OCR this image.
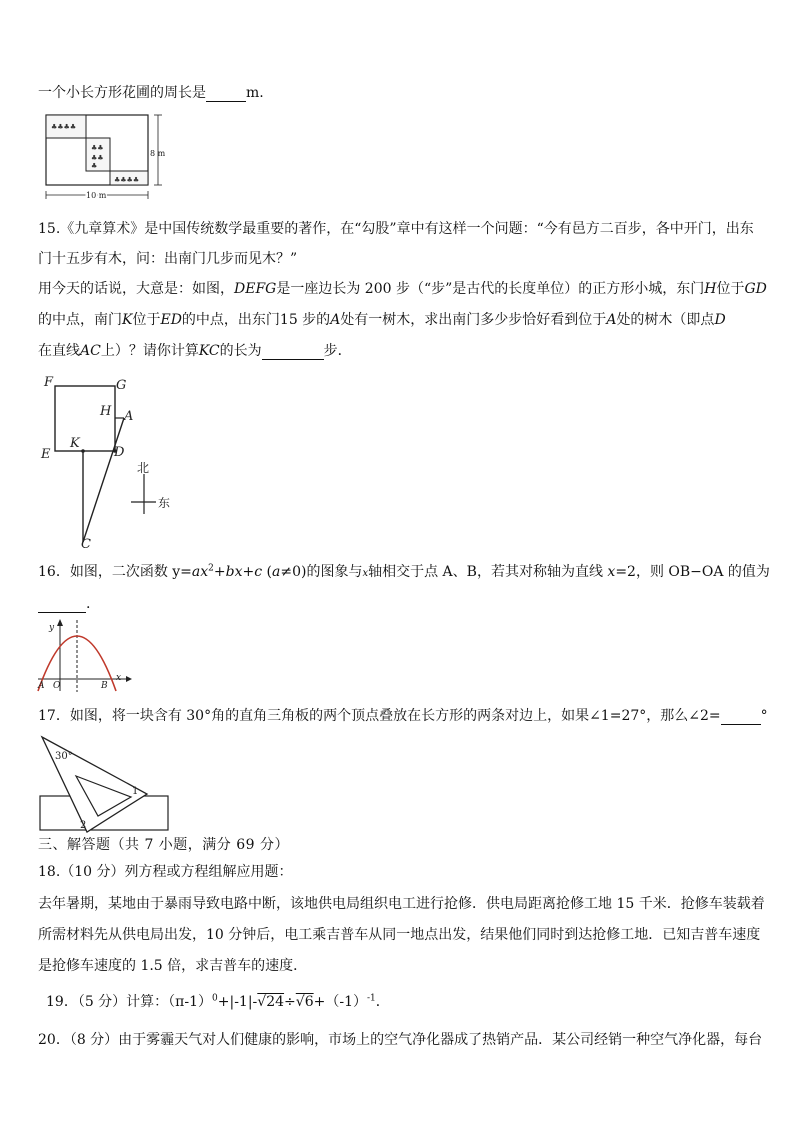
一个小长方形花圃的周长是	m.
♣♣♣♣
♣♣
♣♣
♣
♣♣♣♣
8 m
10 m
15.《九章算术》是中国传统数学最重要的著作，在“勾股”章中有这样一个问题：“今有邑方二百步，各中开门，出东
门十五步有木，问：出南门几步而见木？”
用今天的话说，大意是：如图，DEFG是一座边长为 200 步（“步”是古代的长度单位）的正方形小城，东门H位于GD
的中点，南门K位于ED的中点，出东门15 步的A处有一树木，求出南门多少步恰好看到位于A处的树木（即点D
在直线AC上）？请你计算KC的长为	步．
F	G
H A
E
K
D
C
北
东
16．如图，二次函数 $y=ax^2+bx+c$ (a≠0)的图象与x轴相交于点 A、B，若其对称轴为直线 x=2，则 OB−OA 的值为
.
y
x
A O	B
17．如图，将一块含有 30°角的直角三角板的两个顶点叠放在长方形的两条对边上，如果∠1=27°，那么∠2=	°
30°
1
2
三、解答题（共 7 小题，满分 69 分）
18.（10 分）列方程或方程组解应用题：
去年暑期，某地由于暴雨导致电路中断，该地供电局组织电工进行抢修．供电局距离抢修工地 15 千米．抢修车装载着
所需材料先从供电局出发，10 分钟后，电工乘吉普车从同一地点出发，结果他们同时到达抢修工地．已知吉普车速度
是抢修车速度的 1.5 倍，求吉普车的速度．
19．（5 分）计算：$(\pi-1)^0+|-1|-√24\div√6+(-1)^{-1}$．
20．（8 分）由于雾霾天气对人们健康的影响，市场上的空气净化器成了热销产品．某公司经销一种空气净化器，每台
